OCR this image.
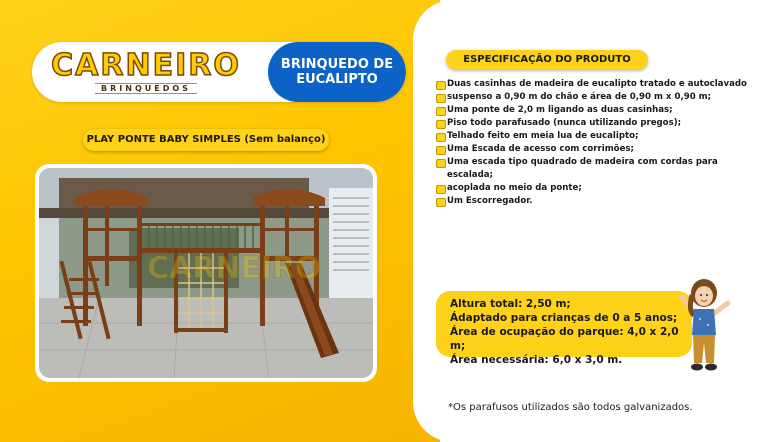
CARNEIRO
BRINQUEDOS
BRINQUEDO DE
EUCALIPTO
PLAY PONTE BABY SIMPLES (Sem balanço)
CARNEIRO
ESPECIFICAÇÃO DO PRODUTO
Duas casinhas de madeira de eucalipto tratado e autoclavado
suspenso a 0,90 m do chão e área de 0,90 m x 0,90 m;
Uma ponte de 2,0 m ligando as duas casinhas;
Piso todo parafusado (nunca utilizando pregos);
Telhado feito em meia lua de eucalipto;
Uma Escada de acesso com corrimões;
Uma escada tipo quadrado de madeira com cordas para escalada;
acoplada no meio da ponte;
Um Escorregador.
Altura total: 2,50 m;
Ádaptado para crianças de 0 a 5 anos;
Área de ocupação do parque: 4,0 x 2,0 m;
Área necessária: 6,0 x 3,0 m.
*Os parafusos utilizados são todos galvanizados.
